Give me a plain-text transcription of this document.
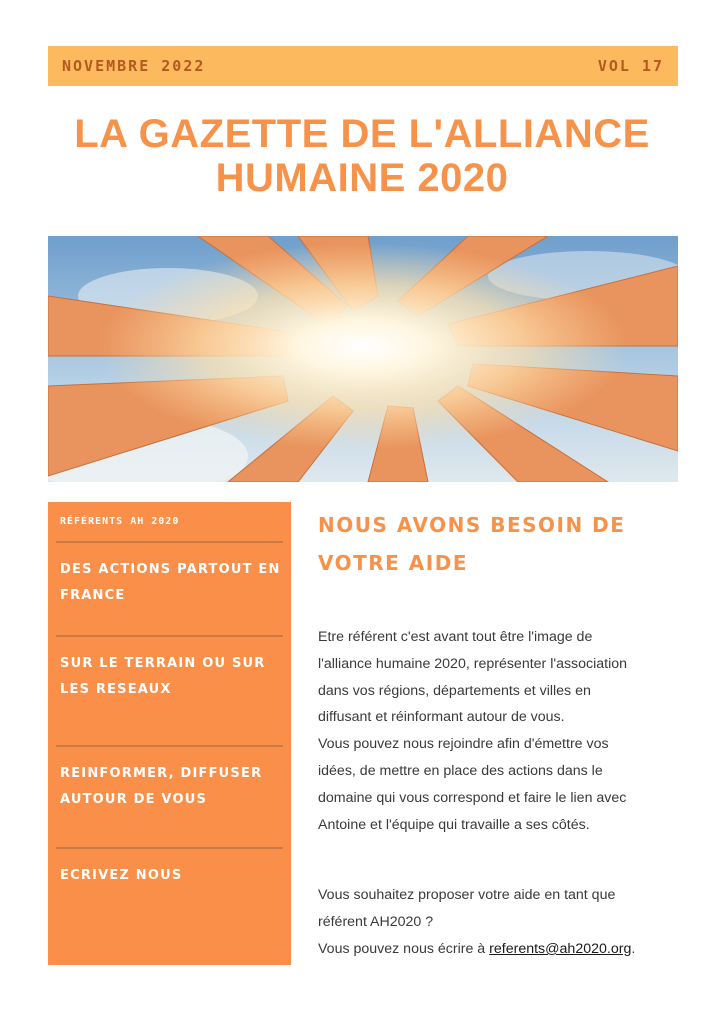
NOVEMBRE 2022	VOL 17
LA GAZETTE DE L'ALLIANCE
HUMAINE 2020
RÉFÉRENTS AH 2020
DES ACTIONS PARTOUT EN FRANCE
SUR LE TERRAIN OU SUR LES RESEAUX
REINFORMER, DIFFUSER AUTOUR DE VOUS
ECRIVEZ NOUS
NOUS AVONS BESOIN DE VOTRE AIDE
Etre référent c'est avant tout être l'image de
l'alliance humaine 2020, représenter l'association
dans vos régions, départements et villes en
diffusant et réinformant autour de vous.
Vous pouvez nous rejoindre afin d'émettre vos
idées, de mettre en place des actions dans le
domaine qui vous correspond et faire le lien avec
Antoine et l'équipe qui travaille a ses côtés.
Vous souhaitez proposer votre aide en tant que
référent AH2020 ?
Vous pouvez nous écrire à referents@ah2020.org.
